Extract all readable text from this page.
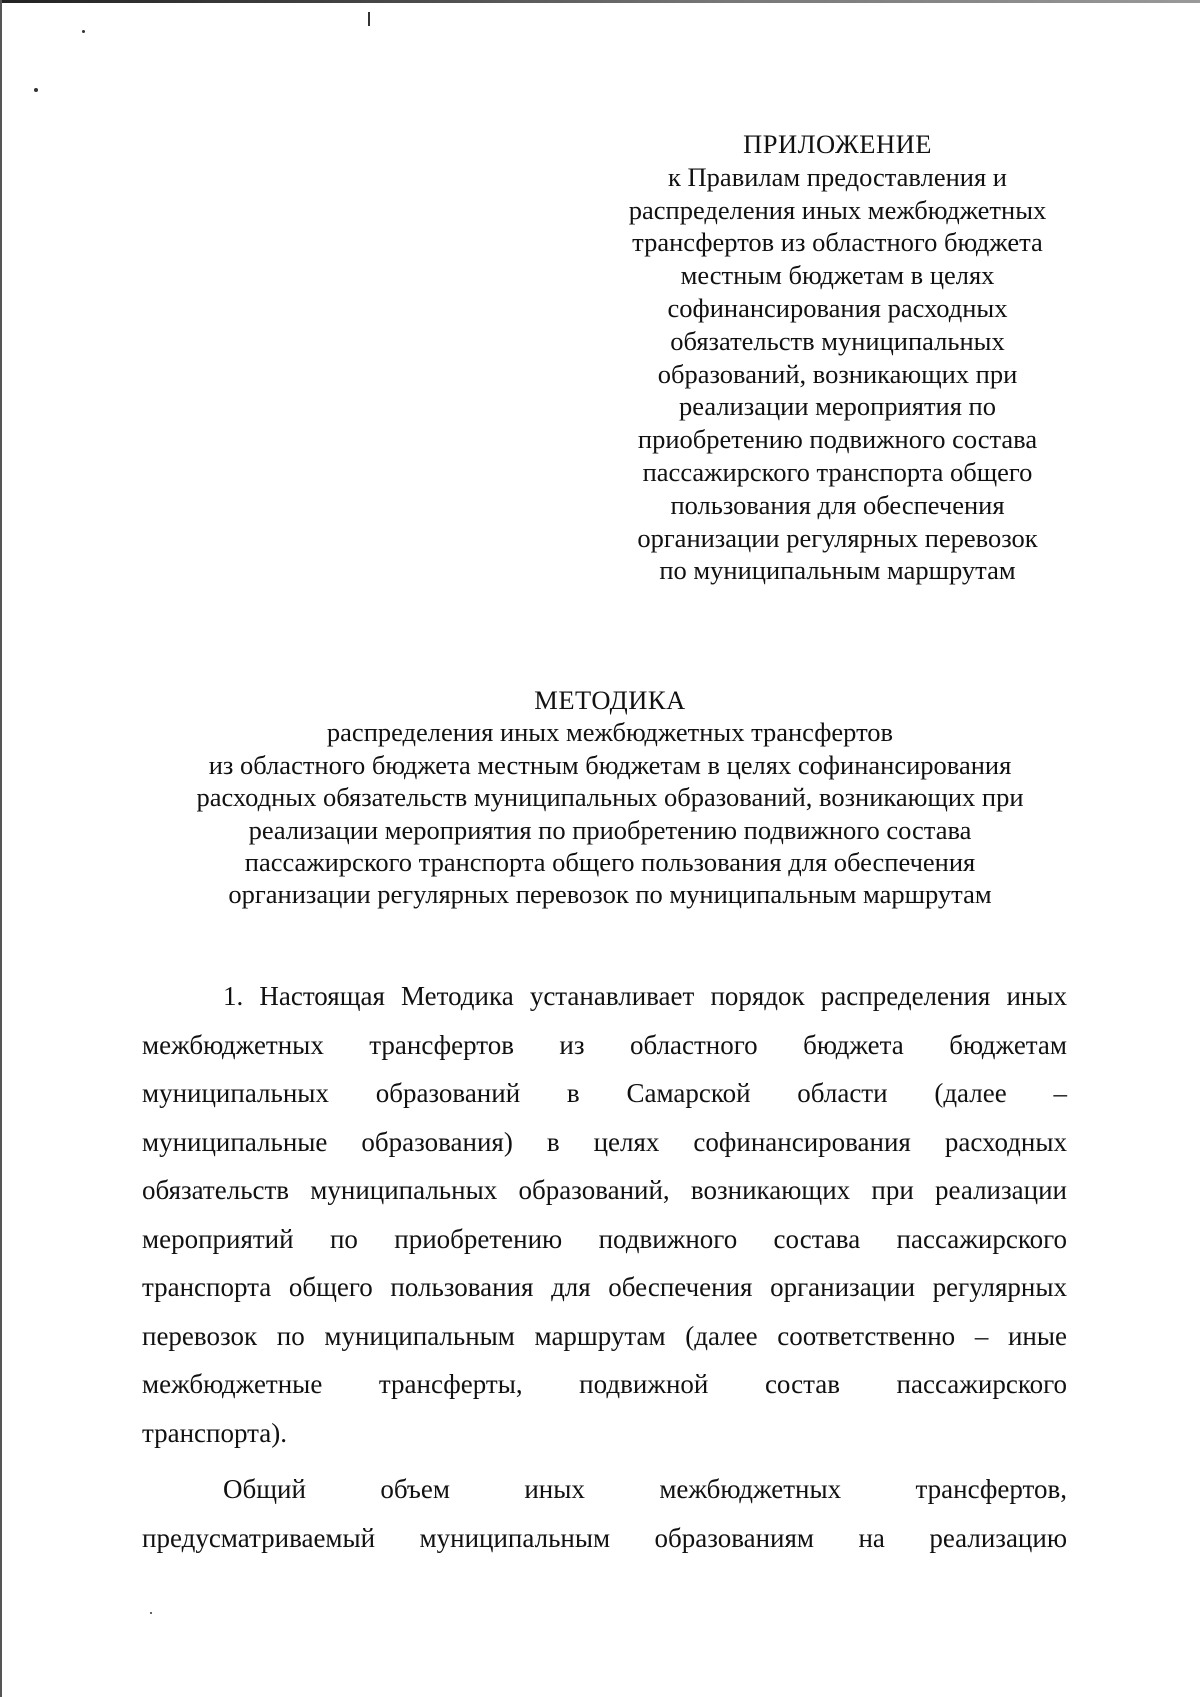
ПРИЛОЖЕНИЕ
к Правилам предоставления и
распределения иных межбюджетных
трансфертов из областного бюджета
местным бюджетам в целях
софинансирования расходных
обязательств муниципальных
образований, возникающих при
реализации мероприятия по
приобретению подвижного состава
пассажирского транспорта общего
пользования для обеспечения
организации регулярных перевозок
по муниципальным маршрутам
МЕТОДИКА
распределения иных межбюджетных трансфертов
из областного бюджета местным бюджетам в целях софинансирования
расходных обязательств муниципальных образований, возникающих при
реализации мероприятия по приобретению подвижного состава
пассажирского транспорта общего пользования для обеспечения
организации регулярных перевозок по муниципальным маршрутам

1. Настоящая Методика устанавливает порядок распределения иных

межбюджетных трансфертов из областного бюджета бюджетам

муниципальных образований в Самарской области (далее –

муниципальные образования) в целях софинансирования расходных

обязательств муниципальных образований, возникающих при реализации

мероприятий по приобретению подвижного состава пассажирского

транспорта общего пользования для обеспечения организации регулярных

перевозок по муниципальным маршрутам (далее соответственно – иные

межбюджетные трансферты, подвижной состав пассажирского

транспорта).

Общий объем иных межбюджетных трансфертов,

предусматриваемый муниципальным образованиям на реализацию
